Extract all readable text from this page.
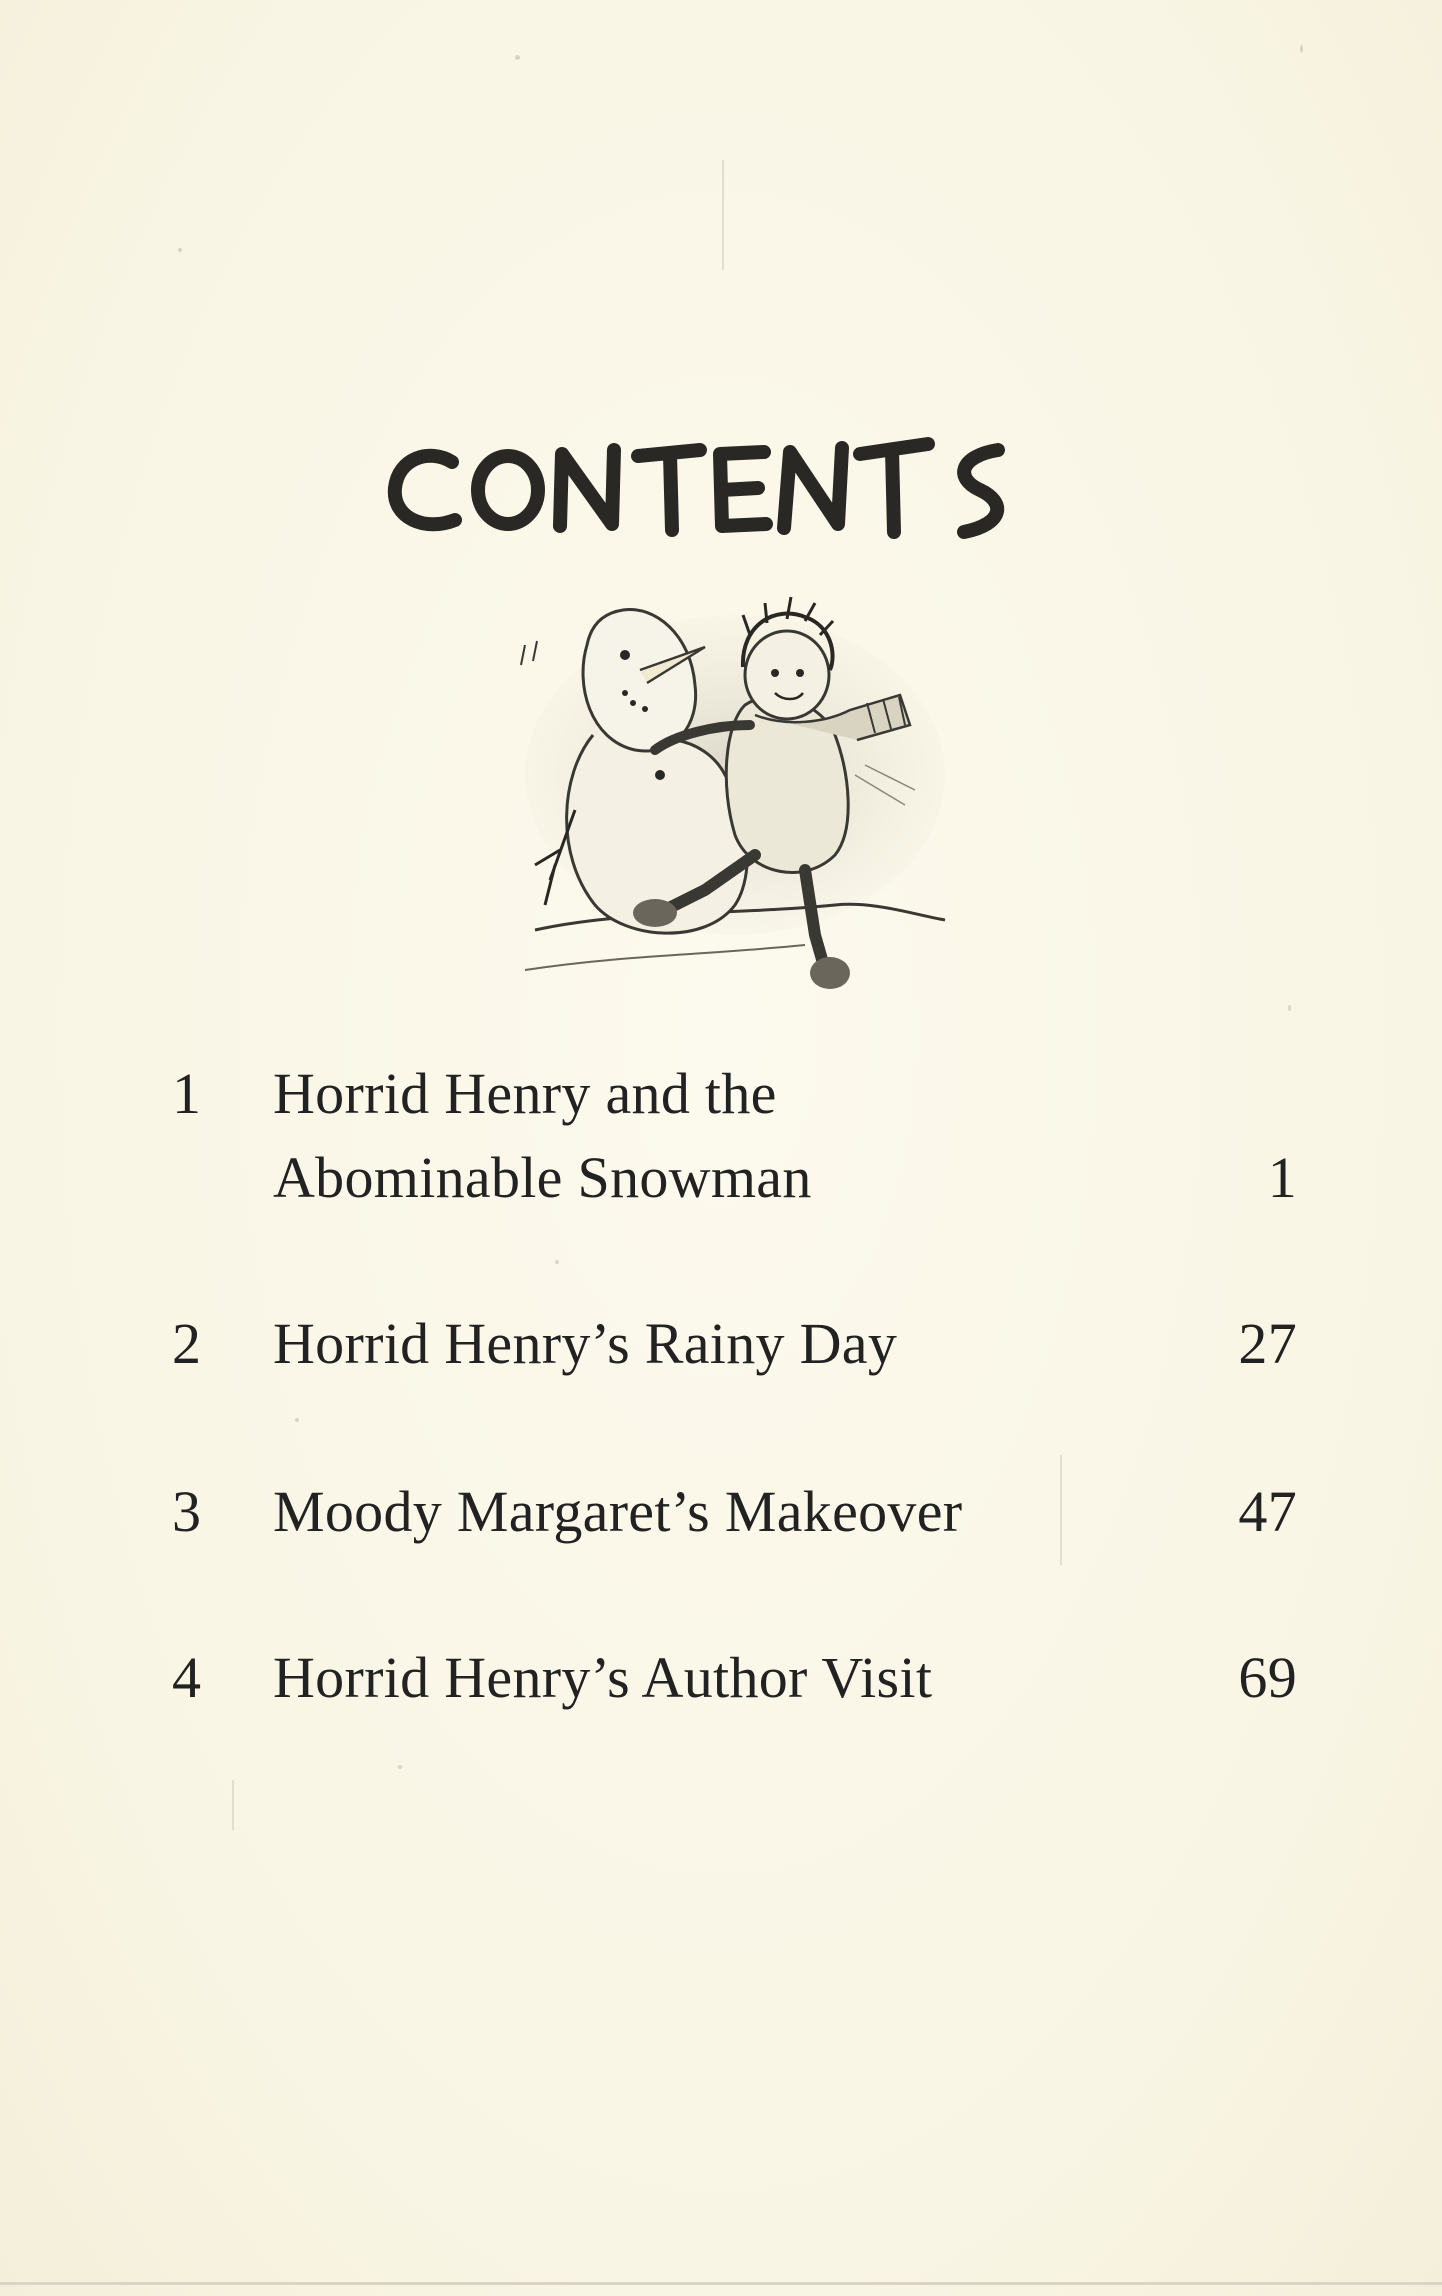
1 Horrid Henry and the
Abominable Snowman	1
2 Horrid Henry’s Rainy Day	27
3 Moody Margaret’s Makeover	47
4 Horrid Henry’s Author Visit	69
